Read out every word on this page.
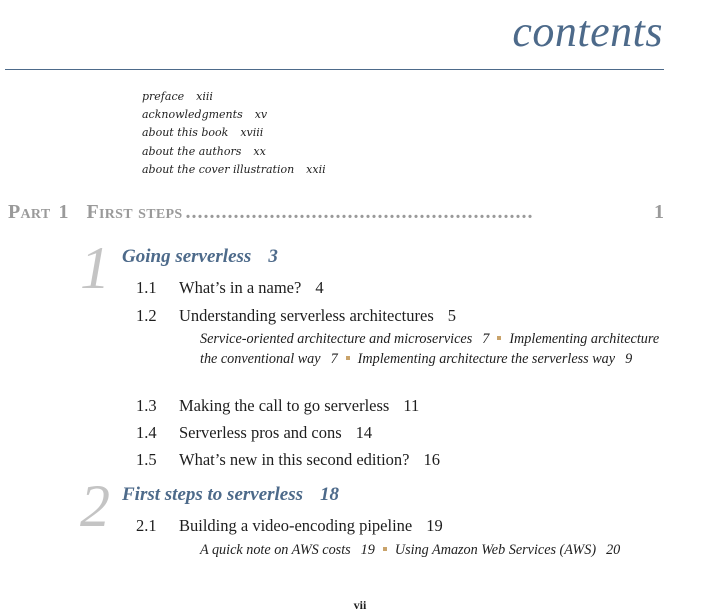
contents
preface xiii
acknowledgments xv
about this book xviii
about the authors xx
about the cover illustration xxii
Part 1 First steps ..........................................................	1
1 Going serverless 3
1.1 What’s in a name? 4
1.2 Understanding serverless architectures 5
Service-oriented architecture and microservices 7 Implementing architecture the conventional way 7 Implementing architecture the serverless way 9
1.3 Making the call to go serverless 11
1.4 Serverless pros and cons 14
1.5 What’s new in this second edition? 16
2 First steps to serverless 18
2.1 Building a video-encoding pipeline 19
A quick note on AWS costs 19 Using Amazon Web Services (AWS) 20
vii
